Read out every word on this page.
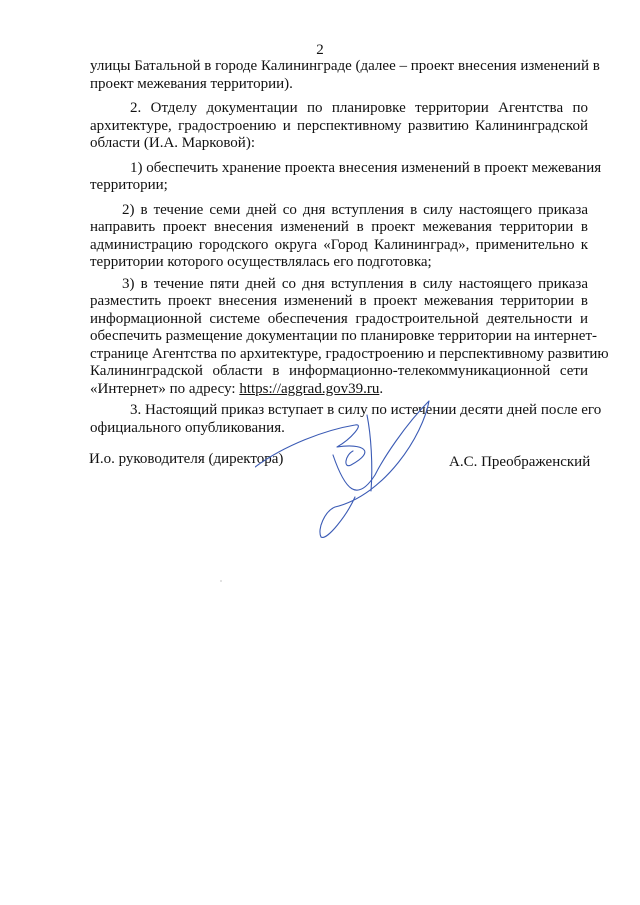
2
улицы Батальной в городе Калининграде (далее – проект внесения изменений в
проект межевания территории).
2. Отделу документации по планировке территории Агентства по
архитектуре, градостроению и перспективному развитию Калининградской
области (И.А. Марковой):
1) обеспечить хранение проекта внесения изменений в проект межевания
территории;
2) в течение семи дней со дня вступления в силу настоящего приказа
направить проект внесения изменений в проект межевания территории в
администрацию городского округа «Город Калининград», применительно к
территории которого осуществлялась его подготовка;
3) в течение пяти дней со дня вступления в силу настоящего приказа
разместить проект внесения изменений в проект межевания территории в
информационной системе обеспечения градостроительной деятельности и
обеспечить размещение документации по планировке территории на интернет-
странице Агентства по архитектуре, градостроению и перспективному развитию
Калининградской области в информационно-телекоммуникационной сети
«Интернет» по адресу: https://aggrad.gov39.ru.
3. Настоящий приказ вступает в силу по истечении десяти дней после его
официального опубликования.
И.о. руководителя (директора)	А.С. Преображенский
